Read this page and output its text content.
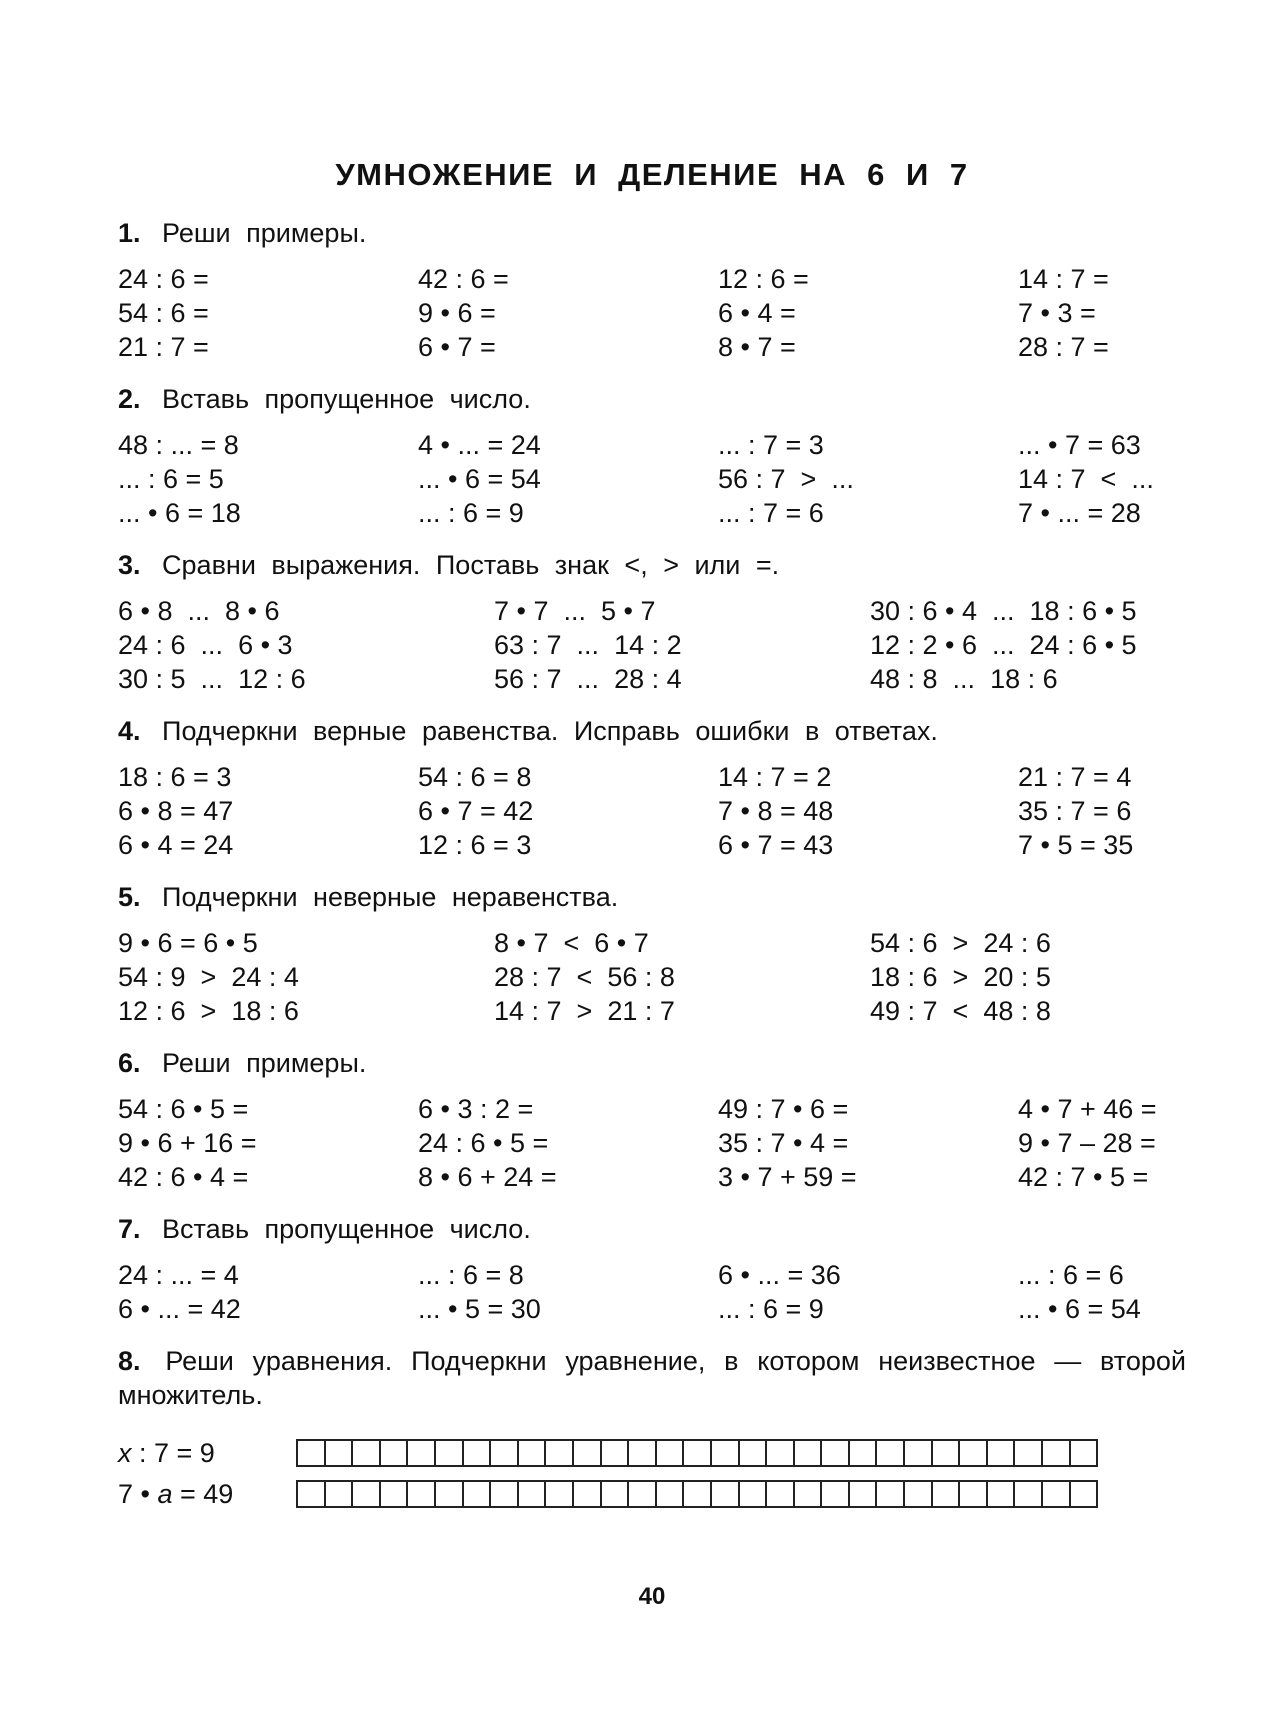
УМНОЖЕНИЕ И ДЕЛЕНИЕ НА 6 И 7
1. Реши примеры.
24 : 6 =	42 : 6 =	12 : 6 =	14 : 7 =
54 : 6 =	9 • 6 =	6 • 4 =	7 • 3 =
21 : 7 =	6 • 7 =	8 • 7 =	28 : 7 =
2. Вставь пропущенное число.
48 : ... = 8	4 • ... = 24	... : 7 = 3	... • 7 = 63
... : 6 = 5	... • 6 = 54	56 : 7  >  ...	14 : 7  <  ...
... • 6 = 18	... : 6 = 9	... : 7 = 6	7 • ... = 28
3. Сравни выражения. Поставь знак <, > или =.
6 • 8  ...  8 • 6	7 • 7  ...  5 • 7	30 : 6 • 4  ...  18 : 6 • 5
24 : 6  ...  6 • 3	63 : 7  ...  14 : 2	12 : 2 • 6  ...  24 : 6 • 5
30 : 5  ...  12 : 6	56 : 7  ...  28 : 4	48 : 8  ...  18 : 6
4. Подчеркни верные равенства. Исправь ошибки в ответах.
18 : 6 = 3	54 : 6 = 8	14 : 7 = 2	21 : 7 = 4
6 • 8 = 47	6 • 7 = 42	7 • 8 = 48	35 : 7 = 6
6 • 4 = 24	12 : 6 = 3	6 • 7 = 43	7 • 5 = 35
5. Подчеркни неверные неравенства.
9 • 6 = 6 • 5	8 • 7  <  6 • 7	54 : 6  >  24 : 6
54 : 9  >  24 : 4	28 : 7  <  56 : 8	18 : 6  >  20 : 5
12 : 6  >  18 : 6	14 : 7  >  21 : 7	49 : 7  <  48 : 8
6. Реши примеры.
54 : 6 • 5 =	6 • 3 : 2 =	49 : 7 • 6 =	4 • 7 + 46 =
9 • 6 + 16 =	24 : 6 • 5 =	35 : 7 • 4 =	9 • 7 – 28 =
42 : 6 • 4 =	8 • 6 + 24 =	3 • 7 + 59 =	42 : 7 • 5 =
7. Вставь пропущенное число.
24 : ... = 4	... : 6 = 8	6 • ... = 36	... : 6 = 6
6 • ... = 42	... • 5 = 30	... : 6 = 9	... • 6 = 54
8. Реши уравнения. Подчеркни уравнение, в котором неизвестное — второй множитель.
x : 7 = 9
7 • a = 49
40
